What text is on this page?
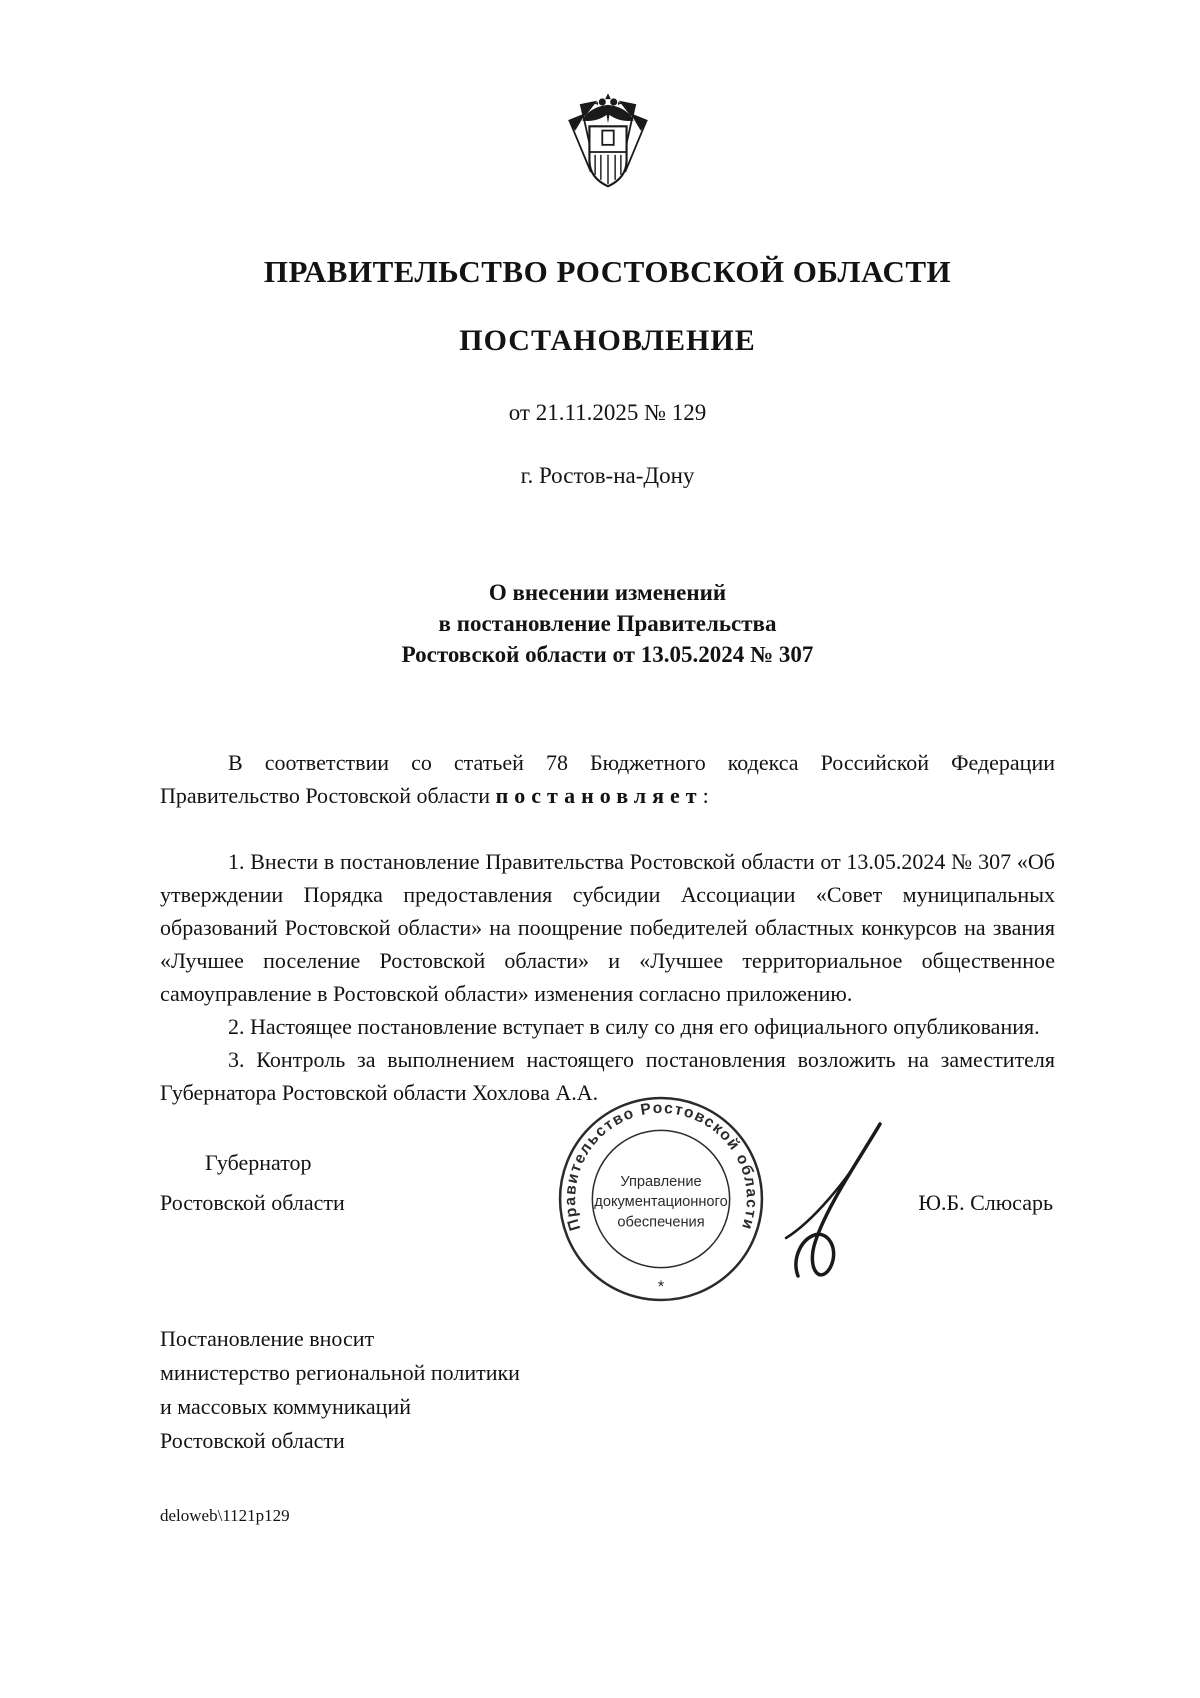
ПРАВИТЕЛЬСТВО РОСТОВСКОЙ ОБЛАСТИ
ПОСТАНОВЛЕНИЕ
от 21.11.2025 № 129
г. Ростов-на-Дону
О внесении изменений
в постановление Правительства
Ростовской области от 13.05.2024 № 307

В соответствии со статьей 78 Бюджетного кодекса Российской Федерации Правительство Ростовской области постановляет:

1. Внести в постановление Правительства Ростовской области от 13.05.2024 № 307 «Об утверждении Порядка предоставления субсидии Ассоциации «Совет муниципальных образований Ростовской области» на поощрение победителей областных конкурсов на звания «Лучшее поселение Ростовской области» и «Лучшее территориальное общественное самоуправление в Ростовской области» изменения согласно приложению.

2. Настоящее постановление вступает в силу со дня его официального опубликования.

3. Контроль за выполнением настоящего постановления возложить на заместителя Губернатора Ростовской области Хохлова А.А.

Губернатор
Ростовской области
Правительство Ростовской области
Управление
документационного
обеспечения
*
Ю.Б. Слюсарь
Постановление вносит
министерство региональной политики
и массовых коммуникаций
Ростовской области
deloweb\1121p129
